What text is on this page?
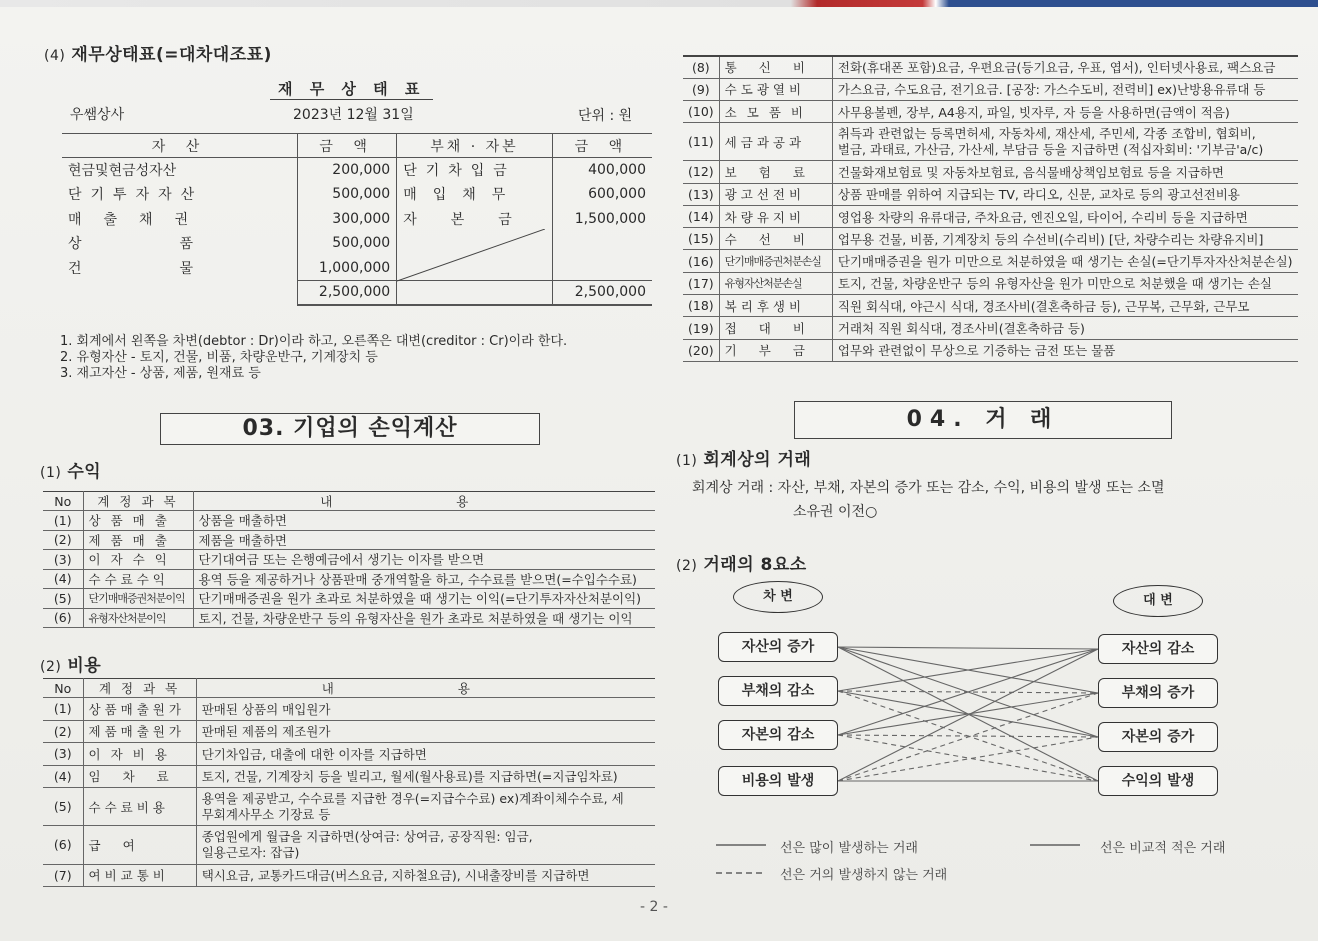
(4) 재무상태표(=대차대조표)
재 무 상 태 표
우쌤상사	2023년 12월 31일	단위 : 원
자 산	금 액	부채 · 자본	금 액
현금및현금성자산	200,000	단기차입금	400,000
단기투자자산	500,000	매입채무	600,000
매출채권	300,000	자본금	1,500,000
상품	500,000	

건물	1,000,000		
	2,500,000		2,500,000
1. 회계에서 왼쪽을 차변(debtor : Dr)이라 하고, 오른쪽은 대변(creditor : Cr)이라 한다.
2. 유형자산 - 토지, 건물, 비품, 차량운반구, 기계장치 등
3. 재고자산 - 상품, 제품, 원재료 등
03. 기업의 손익계산
(1) 수익
No	계 정 과 목	내 용
(1)	상품매출	상품을 매출하면
(2)	제품매출	제품을 매출하면
(3)	이자수익	단기대여금 또는 은행예금에서 생기는 이자를 받으면
(4)	수수료수익	용역 등을 제공하거나 상품판매 중개역할을 하고, 수수료를 받으면(=수입수수료)
(5)	단기매매증권처분이익	단기매매증권을 원가 초과로 처분하였을 때 생기는 이익(=단기투자자산처분이익)
(6)	유형자산처분이익	토지, 건물, 차량운반구 등의 유형자산을 원가 초과로 처분하였을 때 생기는 이익
(2) 비용
No	계 정 과 목	내 용
(1)	상품매출원가	판매된 상품의 매입원가
(2)	제품매출원가	판매된 제품의 제조원가
(3)	이자비용	단기차입금, 대출에 대한 이자를 지급하면
(4)	임차료	토지, 건물, 기계장치 등을 빌리고, 월세(월사용료)를 지급하면(=지급임차료)
(5)	수수료비용	용역을 제공받고, 수수료를 지급한 경우(=지급수수료) ex)계좌이체수수료, 세
무회계사무소 기장료 등
(6)	급여	종업원에게 월급을 지급하면(상여금: 상여금, 공장직원: 임금,
일용근로자: 잡급)
(7)	여비교통비	택시요금, 교통카드대금(버스요금, 지하철요금), 시내출장비를 지급하면
(8)	통신비	전화(휴대폰 포함)요금, 우편요금(등기요금, 우표, 엽서), 인터넷사용료, 팩스요금
(9)	수도광열비	가스요금, 수도요금, 전기요금. [공장: 가스수도비, 전력비] ex)난방용유류대 등
(10)	소모품비	사무용볼펜, 장부, A4용지, 파일, 빗자루, 자 등을 사용하면(금액이 적음)
(11)	세금과공과	취득과 관련없는 등록면허세, 자동차세, 재산세, 주민세, 각종 조합비, 협회비,
벌금, 과태료, 가산금, 가산세, 부담금 등을 지급하면 (적십자회비: '기부금'a/c)
(12)	보험료	건물화재보험료 및 자동차보험료, 음식물배상책임보험료 등을 지급하면
(13)	광고선전비	상품 판매를 위하여 지급되는 TV, 라디오, 신문, 교차로 등의 광고선전비용
(14)	차량유지비	영업용 차량의 유류대금, 주차요금, 엔진오일, 타이어, 수리비 등을 지급하면
(15)	수선비	업무용 건물, 비품, 기계장치 등의 수선비(수리비) [단, 차량수리는 차량유지비]
(16)	단기매매증권처분손실	단기매매증권을 원가 미만으로 처분하였을 때 생기는 손실(=단기투자자산처분손실)
(17)	유형자산처분손실	토지, 건물, 차량운반구 등의 유형자산을 원가 미만으로 처분했을 때 생기는 손실
(18)	복리후생비	직원 회식대, 야근시 식대, 경조사비(결혼축하금 등), 근무복, 근무화, 근무모
(19)	접대비	거래처 직원 회식대, 경조사비(결혼축하금 등)
(20)	기부금	업무와 관련없이 무상으로 기증하는 금전 또는 물품
04. 거 래
(1) 회계상의 거래
회계상 거래 : 자산, 부채, 자본의 증가 또는 감소, 수익, 비용의 발생 또는 소멸
소유권 이전○
(2) 거래의 8요소
차 변	대 변
자산의 증가
부채의 감소
자본의 감소
비용의 발생
자산의 감소
부채의 증가
자본의 증가
수익의 발생
선은 많이 발생하는 거래	선은 비교적 적은 거래
선은 거의 발생하지 않는 거래
- 2 -
